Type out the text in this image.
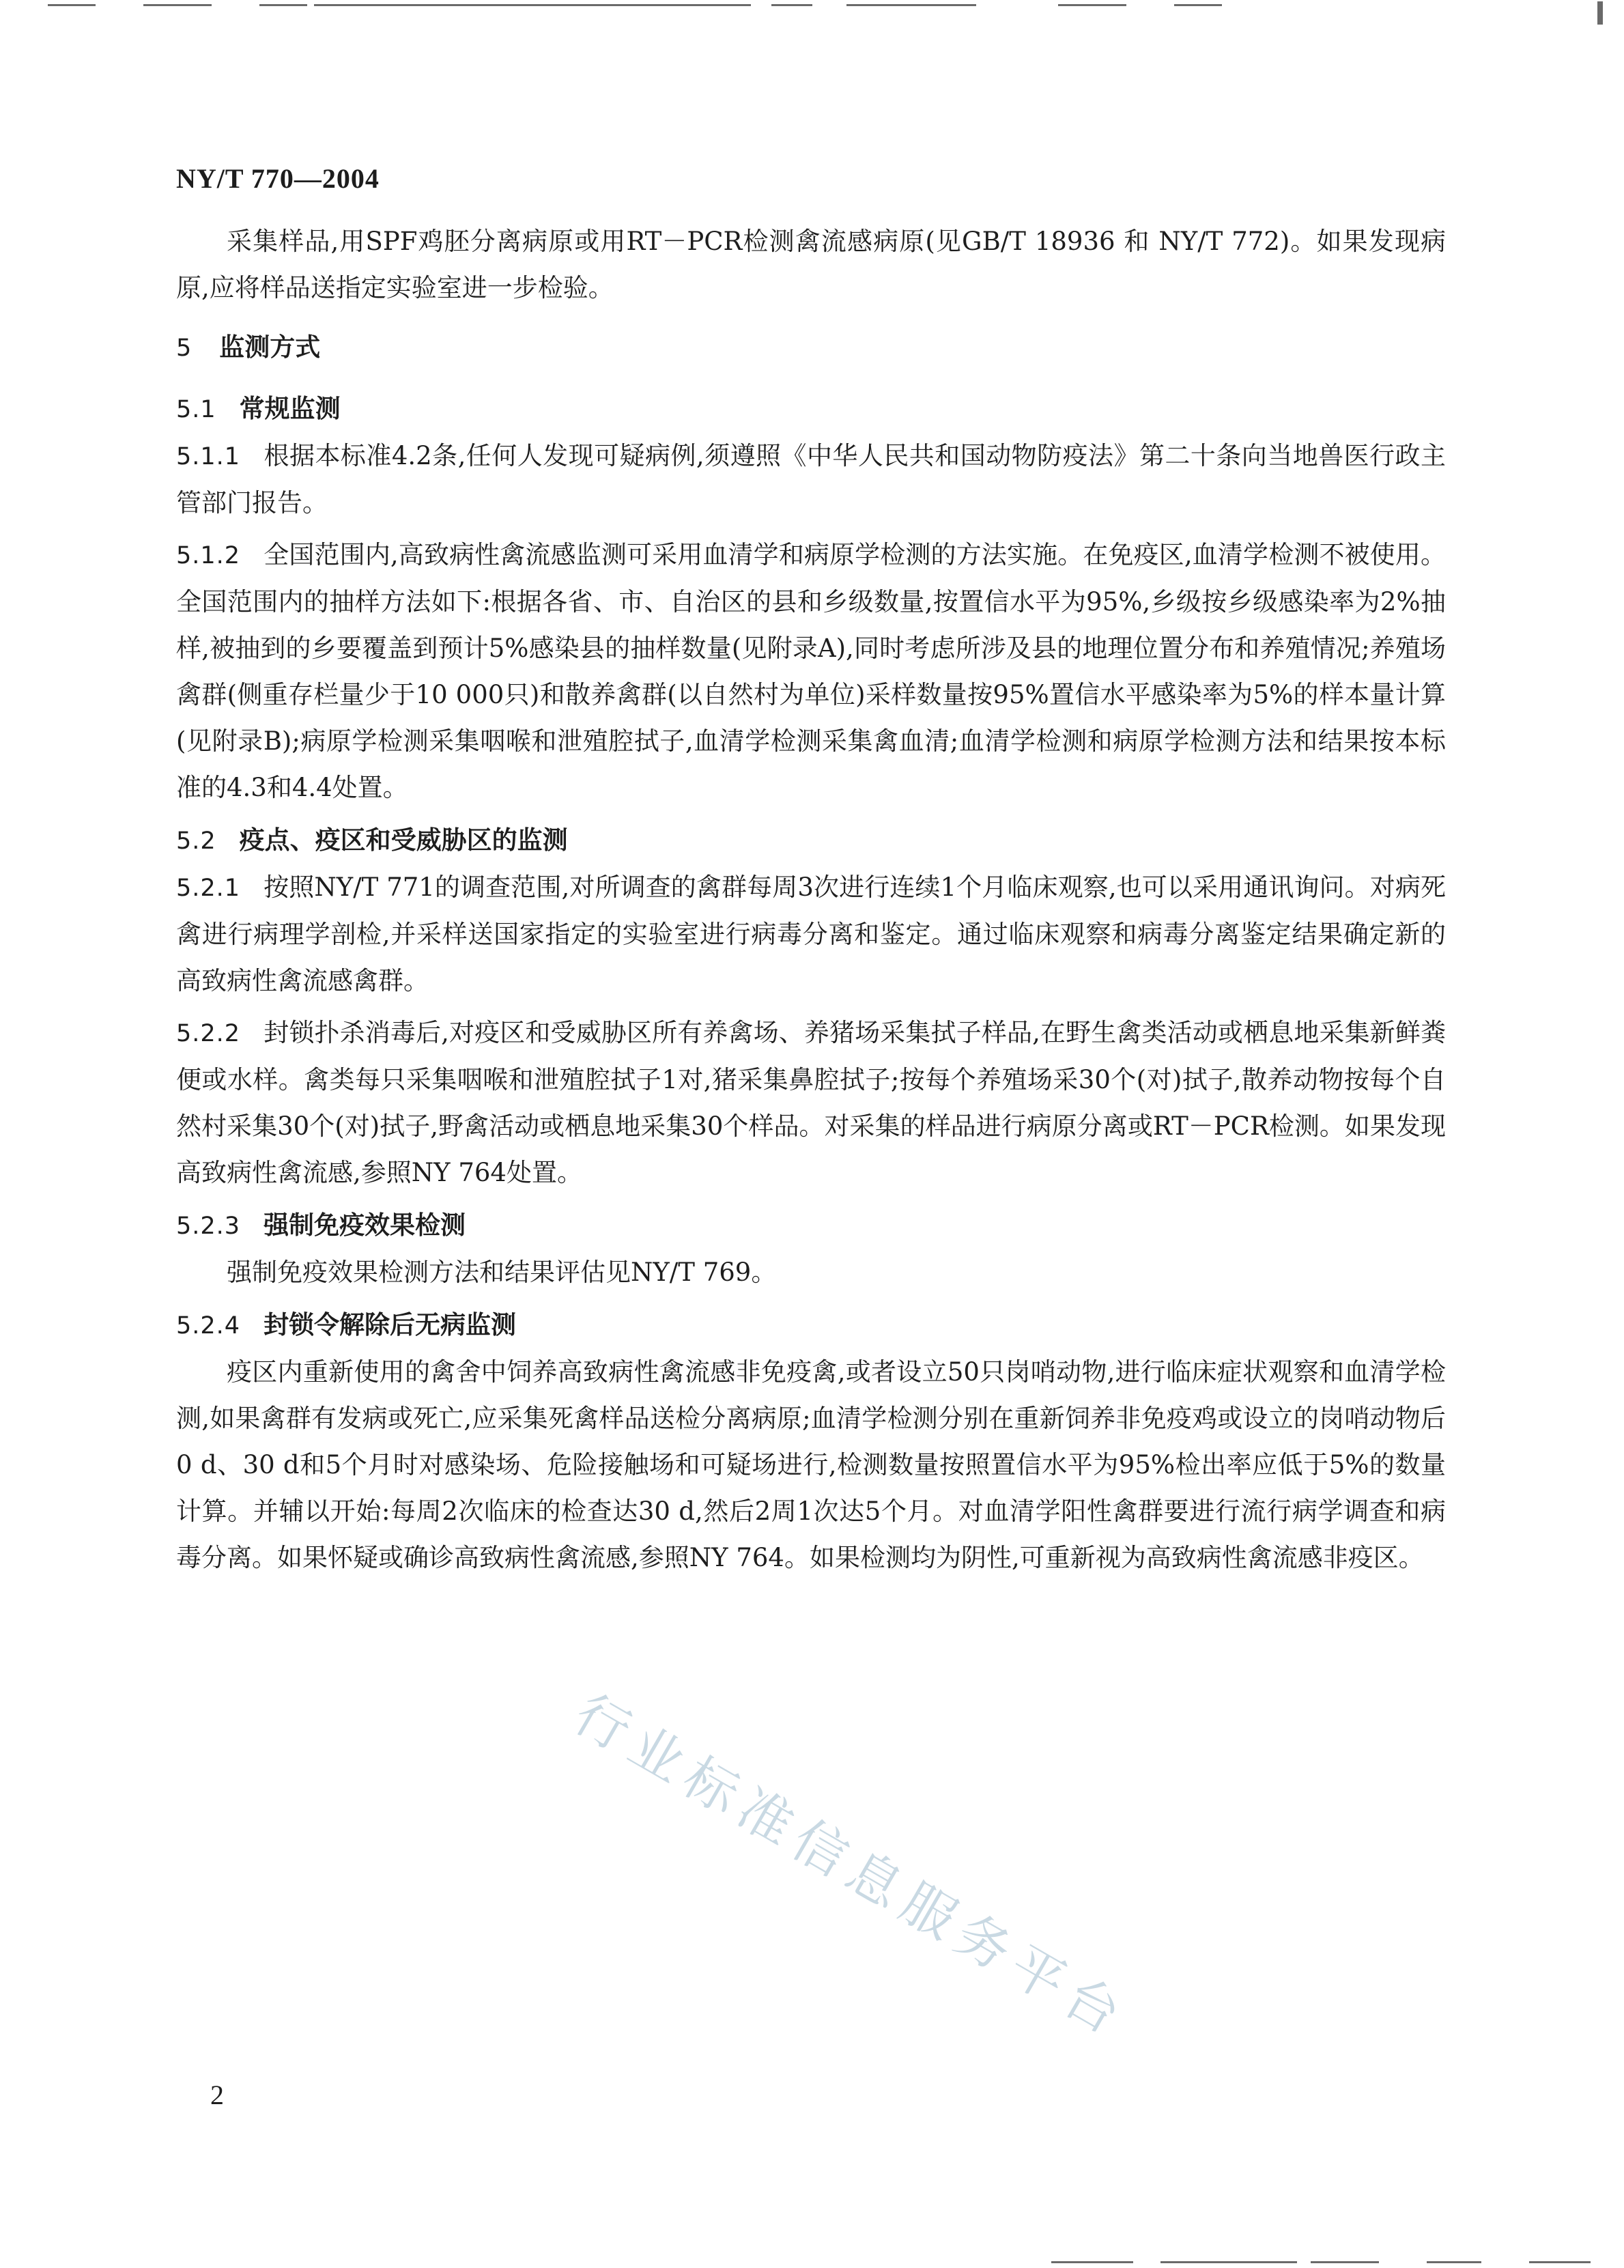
NY/T 770—2004

采集样品,用SPF鸡胚分离病原或用RT－PCR检测禽流感病原(见GB/T 18936 和 NY/T 772)。如果发现病原,应将样品送指定实验室进一步检验。

5 监测方式
5.1 常规监测

5.1.1 根据本标准4.2条,任何人发现可疑病例,须遵照《中华人民共和国动物防疫法》第二十条向当地兽医行政主管部门报告。

5.1.2 全国范围内,高致病性禽流感监测可采用血清学和病原学检测的方法实施。在免疫区,血清学检测不被使用。全国范围内的抽样方法如下:根据各省、市、自治区的县和乡级数量,按置信水平为95%,乡级按乡级感染率为2%抽样,被抽到的乡要覆盖到预计5%感染县的抽样数量(见附录A),同时考虑所涉及县的地理位置分布和养殖情况;养殖场禽群(侧重存栏量少于10 000只)和散养禽群(以自然村为单位)采样数量按95%置信水平感染率为5%的样本量计算(见附录B);病原学检测采集咽喉和泄殖腔拭子,血清学检测采集禽血清;血清学检测和病原学检测方法和结果按本标准的4.3和4.4处置。

5.2 疫点、疫区和受威胁区的监测

5.2.1 按照NY/T 771的调查范围,对所调查的禽群每周3次进行连续1个月临床观察,也可以采用通讯询问。对病死禽进行病理学剖检,并采样送国家指定的实验室进行病毒分离和鉴定。通过临床观察和病毒分离鉴定结果确定新的高致病性禽流感禽群。

5.2.2 封锁扑杀消毒后,对疫区和受威胁区所有养禽场、养猪场采集拭子样品,在野生禽类活动或栖息地采集新鲜粪便或水样。禽类每只采集咽喉和泄殖腔拭子1对,猪采集鼻腔拭子;按每个养殖场采30个(对)拭子,散养动物按每个自然村采集30个(对)拭子,野禽活动或栖息地采集30个样品。对采集的样品进行病原分离或RT－PCR检测。如果发现高致病性禽流感,参照NY 764处置。

5.2.3 强制免疫效果检测

强制免疫效果检测方法和结果评估见NY/T 769。

5.2.4 封锁令解除后无病监测

疫区内重新使用的禽舍中饲养高致病性禽流感非免疫禽,或者设立50只岗哨动物,进行临床症状观察和血清学检测,如果禽群有发病或死亡,应采集死禽样品送检分离病原;血清学检测分别在重新饲养非免疫鸡或设立的岗哨动物后0 d、30 d和5个月时对感染场、危险接触场和可疑场进行,检测数量按照置信水平为95%检出率应低于5%的数量计算。并辅以开始:每周2次临床的检查达30 d,然后2周1次达5个月。对血清学阳性禽群要进行流行病学调查和病毒分离。如果怀疑或确诊高致病性禽流感,参照NY 764。如果检测均为阴性,可重新视为高致病性禽流感非疫区。

行业标准信息服务平台
2
